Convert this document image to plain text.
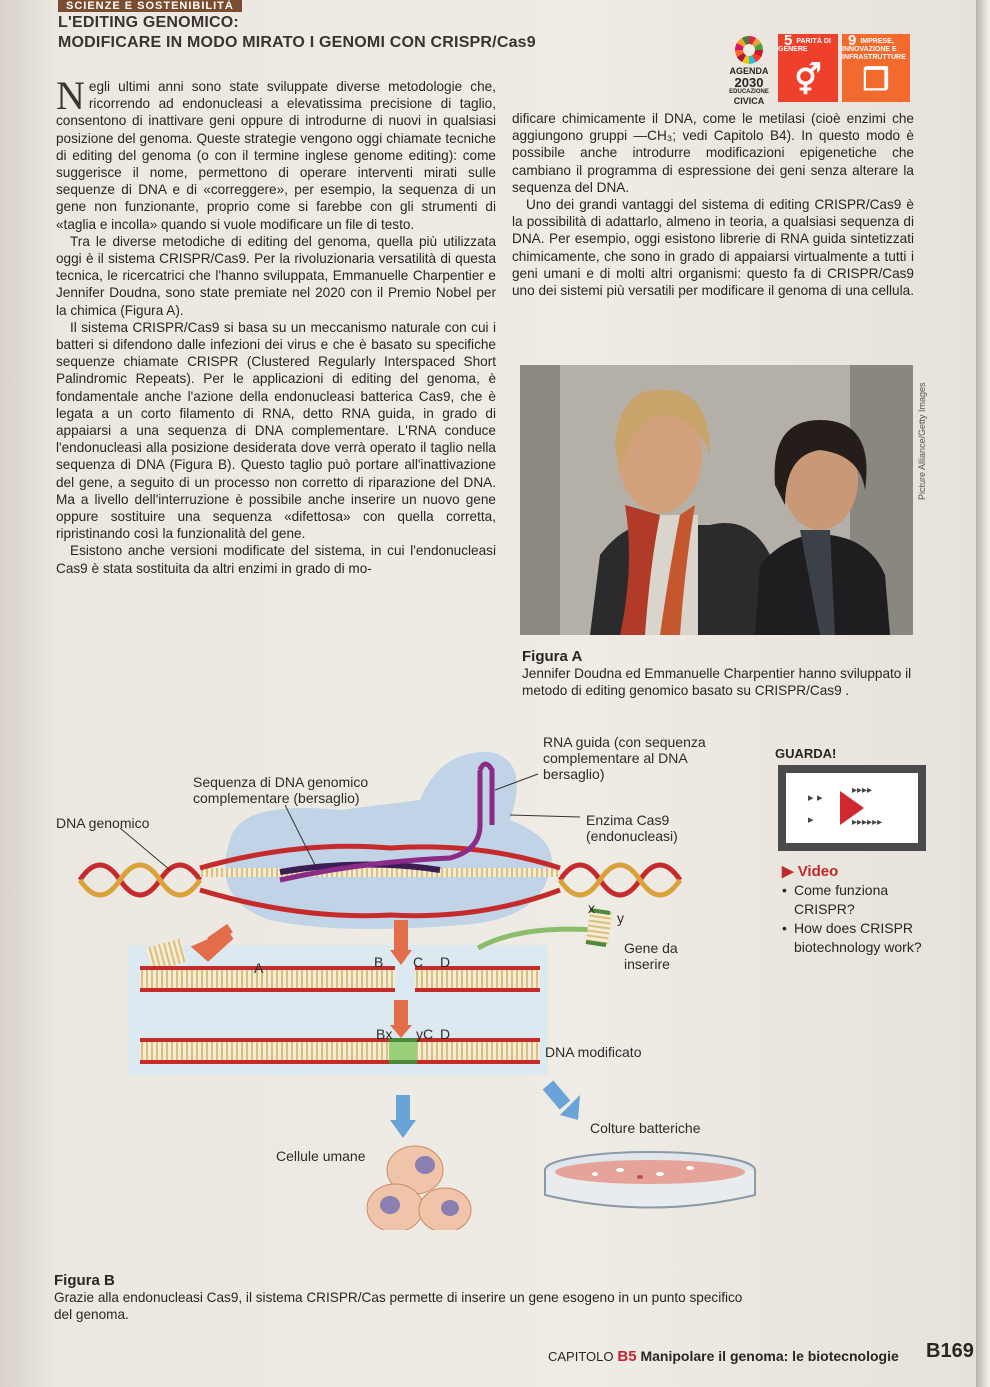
SCIENZE E SOSTENIBILITÀ
L'EDITING GENOMICO:
MODIFICARE IN MODO MIRATO I GENOMI CON CRISPR/Cas9
AGENDA
2030
EDUCAZIONE
CIVICA
5 PARITÀ DI GENERE
⚥
9 IMPRESE, INNOVAZIONE E INFRASTRUTTURE
❒

Negli ultimi anni sono state sviluppate diverse metodologie che, ricorrendo ad endonucleasi a elevatissima precisione di taglio, consentono di inattivare geni oppure di introdurne di nuovi in qualsiasi posizione del genoma. Queste strategie vengono oggi chiamate tecniche di editing del genoma (o con il termine inglese genome editing): come suggerisce il nome, permettono di operare interventi mirati sulle sequenze di DNA e di «correggere», per esempio, la sequenza di un gene non funzionante, proprio come si farebbe con gli strumenti di «taglia e incolla» quando si vuole modificare un file di testo.

Tra le diverse metodiche di editing del genoma, quella più utilizzata oggi è il sistema CRISPR/Cas9. Per la rivoluzionaria versatilità di questa tecnica, le ricercatrici che l'hanno sviluppata, Emmanuelle Charpentier e Jennifer Doudna, sono state premiate nel 2020 con il Premio Nobel per la chimica (Figura A).

Il sistema CRISPR/Cas9 si basa su un meccanismo naturale con cui i batteri si difendono dalle infezioni dei virus e che è basato su specifiche sequenze chiamate CRISPR (Clustered Regularly Interspaced Short Palindromic Repeats). Per le applicazioni di editing del genoma, è fondamentale anche l'azione della endonucleasi batterica Cas9, che è legata a un corto filamento di RNA, detto RNA guida, in grado di appaiarsi a una sequenza di DNA complementare. L'RNA conduce l'endonucleasi alla posizione desiderata dove verrà operato il taglio nella sequenza di DNA (Figura B). Questo taglio può portare all'inattivazione del gene, a seguito di un processo non corretto di riparazione del DNA. Ma a livello dell'interruzione è possibile anche inserire un nuovo gene oppure sostituire una sequenza «difettosa» con quella corretta, ripristinando così la funzionalità del gene.

Esistono anche versioni modificate del sistema, in cui l'endonucleasi Cas9 è stata sostituita da altri enzimi in grado di mo-

dificare chimicamente il DNA, come le metilasi (cioè enzimi che aggiungono gruppi —CH₃; vedi Capitolo B4). In questo modo è possibile anche introdurre modificazioni epigenetiche che cambiano il programma di espressione dei geni senza alterare la sequenza del DNA.

Uno dei grandi vantaggi del sistema di editing CRISPR/Cas9 è la possibilità di adattarlo, almeno in teoria, a qualsiasi sequenza di DNA. Per esempio, oggi esistono librerie di RNA guida sintetizzati chimicamente, che sono in grado di appaiarsi virtualmente a tutti i geni umani e di molti altri organismi: questo fa di CRISPR/Cas9 uno dei sistemi più versatili per modificare il genoma di una cellula.

Picture Alliance/Getty Images
Figura A
Jennifer Doudna ed Emmanuelle Charpentier hanno sviluppato il metodo di editing genomico basato su CRISPR/Cas9 .
RNA guida (con sequenza complementare al DNA bersaglio)
Sequenza di DNA genomico complementare (bersaglio)
DNA genomico	Enzima Cas9 (endonucleasi)
Gene da inserire
x
y
A	B C D
Bx yC D
DNA modificato
Cellule umane
Colture batteriche
GUARDA!
▸ ▸
▸
▸▸▸▸
▸▸▸▸▸▸
▶ Video
• Come funziona CRISPR?
• How does CRISPR biotechnology work?
Figura B
Grazie alla endonucleasi Cas9, il sistema CRISPR/Cas permette di inserire un gene esogeno in un punto specifico del genoma.
CAPITOLO B5 Manipolare il genoma: le biotecnologie B169
